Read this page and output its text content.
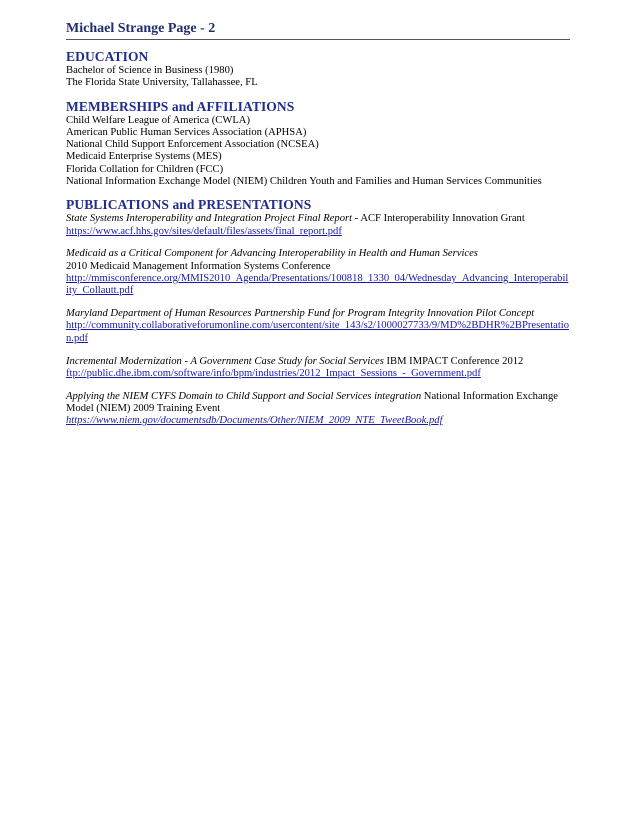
Michael Strange Page - 2
EDUCATION
Bachelor of Science in Business (1980)
The Florida State University, Tallahassee, FL
MEMBERSHIPS and AFFILIATIONS
Child Welfare League of America (CWLA)
American Public Human Services Association (APHSA)
National Child Support Enforcement Association (NCSEA)
Medicaid Enterprise Systems (MES)
Florida Collation for Children (FCC)
National Information Exchange Model (NIEM) Children Youth and Families and Human Services Communities
PUBLICATIONS and PRESENTATIONS
State Systems Interoperability and Integration Project Final Report - ACF Interoperability Innovation Grant
https://www.acf.hhs.gov/sites/default/files/assets/final_report.pdf
Medicaid as a Critical Component for Advancing Interoperability in Health and Human Services
2010 Medicaid Management Information Systems Conference
http://mmisconference.org/MMIS2010_Agenda/Presentations/100818_1330_04/Wednesday_Advancing_Interoperability_Collautt.pdf
Maryland Department of Human Resources Partnership Fund for Program Integrity Innovation Pilot Concept
http://community.collaborativeforumonline.com/usercontent/site_143/s2/1000027733/9/MD%2BDHR%2BPresentation.pdf
Incremental Modernization - A Government Case Study for Social Services IBM IMPACT Conference 2012
ftp://public.dhe.ibm.com/software/info/bpm/industries/2012_Impact_Sessions_-_Government.pdf
Applying the NIEM CYFS Domain to Child Support and Social Services integration National Information Exchange Model (NIEM) 2009 Training Event
https://www.niem.gov/documentsdb/Documents/Other/NIEM_2009_NTE_TweetBook.pdf
